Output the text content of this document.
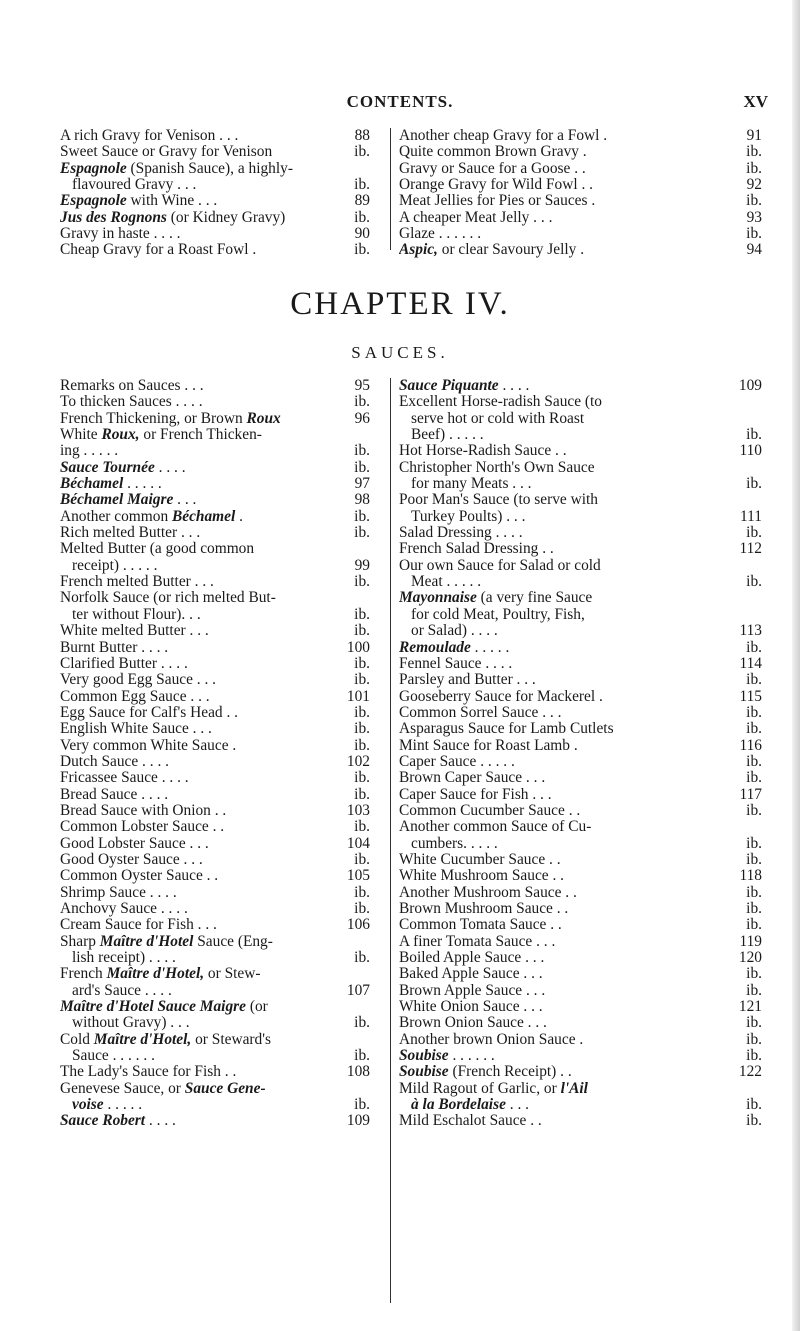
CONTENTS.	XV
A rich Gravy for Venison . . .	88
Sweet Sauce or Gravy for Venison	ib.
Espagnole (Spanish Sauce), a highly-
flavoured Gravy . . .	ib.
Espagnole with Wine . . .	89
Jus des Rognons (or Kidney Gravy)	ib.
Gravy in haste . . . .	90
Cheap Gravy for a Roast Fowl .	ib.
Another cheap Gravy for a Fowl .	91
Quite common Brown Gravy .	ib.
Gravy or Sauce for a Goose . .	ib.
Orange Gravy for Wild Fowl . .	92
Meat Jellies for Pies or Sauces .	ib.
A cheaper Meat Jelly . . .	93
Glaze . . . . . .	ib.
Aspic, or clear Savoury Jelly .	94
CHAPTER IV.
SAUCES.
Remarks on Sauces . . .	95
To thicken Sauces . . . .	ib.
French Thickening, or Brown Roux	96
White Roux, or French Thicken-
ing . . . . .	ib.
Sauce Tournée . . . .	ib.
Béchamel . . . . .	97
Béchamel Maigre . . .	98
Another common Béchamel .	ib.
Rich melted Butter . . .	ib.
Melted Butter (a good common
receipt) . . . . .	99
French melted Butter . . .	ib.
Norfolk Sauce (or rich melted But-
ter without Flour). . .	ib.
White melted Butter . . .	ib.
Burnt Butter . . . .	100
Clarified Butter . . . .	ib.
Very good Egg Sauce . . .	ib.
Common Egg Sauce . . .	101
Egg Sauce for Calf's Head . .	ib.
English White Sauce . . .	ib.
Very common White Sauce .	ib.
Dutch Sauce . . . .	102
Fricassee Sauce . . . .	ib.
Bread Sauce . . . .	ib.
Bread Sauce with Onion . .	103
Common Lobster Sauce . .	ib.
Good Lobster Sauce . . .	104
Good Oyster Sauce . . .	ib.
Common Oyster Sauce . .	105
Shrimp Sauce . . . .	ib.
Anchovy Sauce . . . .	ib.
Cream Sauce for Fish . . .	106
Sharp Maître d'Hotel Sauce (Eng-
lish receipt) . . . .	ib.
French Maître d'Hotel, or Stew-
ard's Sauce . . . .	107
Maître d'Hotel Sauce Maigre (or
without Gravy) . . .	ib.
Cold Maître d'Hotel, or Steward's
Sauce . . . . . .	ib.
The Lady's Sauce for Fish . .	108
Genevese Sauce, or Sauce Gene-
voise . . . . .	ib.
Sauce Robert . . . .	109
Sauce Piquante . . . .	109
Excellent Horse-radish Sauce (to
serve hot or cold with Roast
Beef) . . . . .	ib.
Hot Horse-Radish Sauce . .	110
Christopher North's Own Sauce
for many Meats . . .	ib.
Poor Man's Sauce (to serve with
Turkey Poults) . . .	111
Salad Dressing . . . .	ib.
French Salad Dressing . .	112
Our own Sauce for Salad or cold
Meat . . . . .	ib.
Mayonnaise (a very fine Sauce
for cold Meat, Poultry, Fish,
or Salad) . . . .	113
Remoulade . . . . .	ib.
Fennel Sauce . . . .	114
Parsley and Butter . . .	ib.
Gooseberry Sauce for Mackerel .	115
Common Sorrel Sauce . . .	ib.
Asparagus Sauce for Lamb Cutlets	ib.
Mint Sauce for Roast Lamb .	116
Caper Sauce . . . . .	ib.
Brown Caper Sauce . . .	ib.
Caper Sauce for Fish . . .	117
Common Cucumber Sauce . .	ib.
Another common Sauce of Cu-
cumbers. . . . .	ib.
White Cucumber Sauce . .	ib.
White Mushroom Sauce . .	118
Another Mushroom Sauce . .	ib.
Brown Mushroom Sauce . .	ib.
Common Tomata Sauce . .	ib.
A finer Tomata Sauce . . .	119
Boiled Apple Sauce . . .	120
Baked Apple Sauce . . .	ib.
Brown Apple Sauce . . .	ib.
White Onion Sauce . . .	121
Brown Onion Sauce . . .	ib.
Another brown Onion Sauce .	ib.
Soubise . . . . . .	ib.
Soubise (French Receipt) . .	122
Mild Ragout of Garlic, or l'Ail
à la Bordelaise . . .	ib.
Mild Eschalot Sauce . .	ib.
